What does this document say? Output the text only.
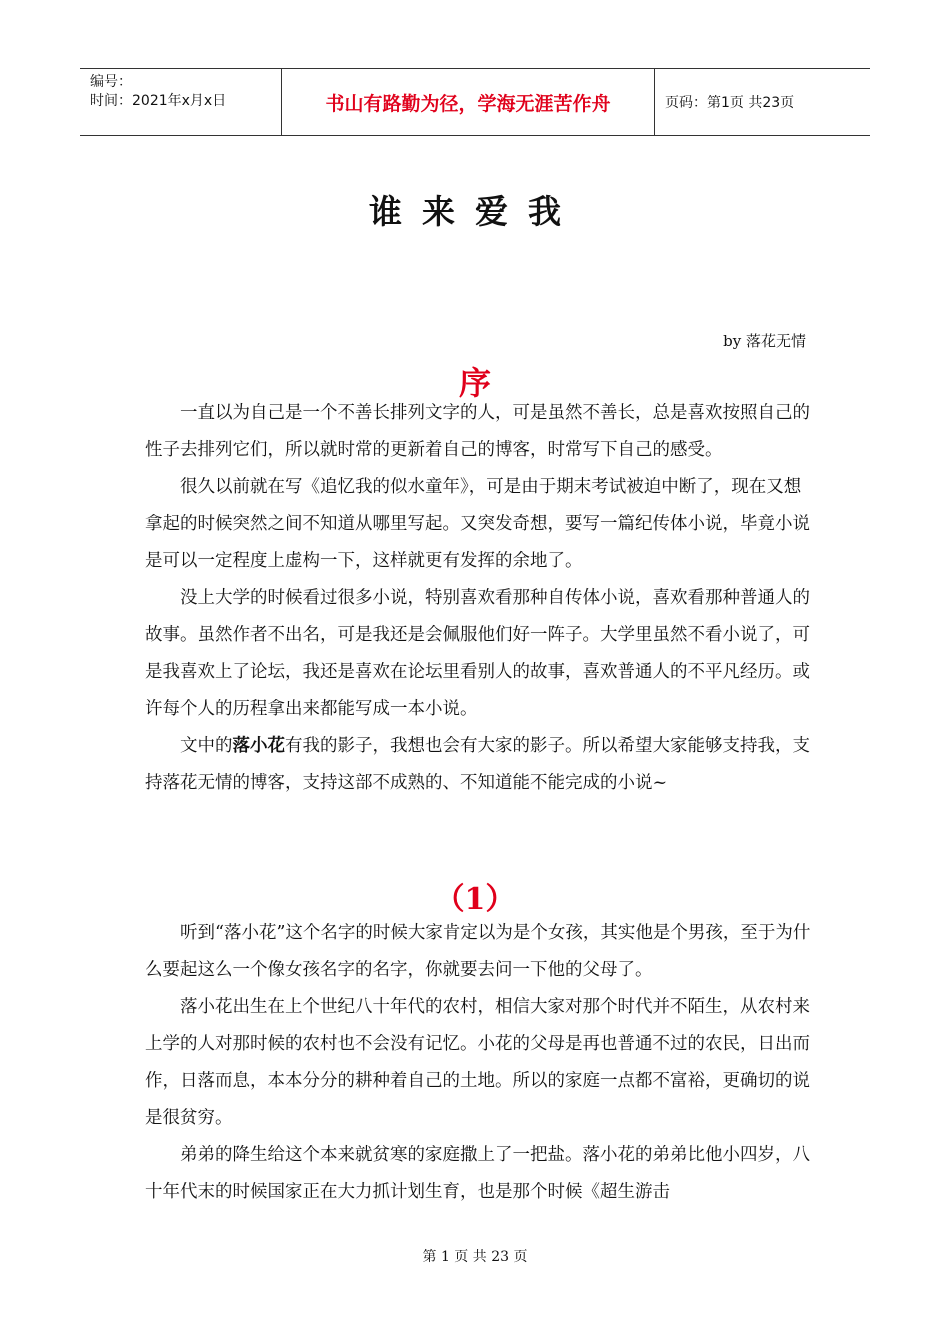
编号：
时间：2021年x月x日	书山有路勤为径，学海无涯苦作舟	页码：第1页 共23页
谁来爱我
by 落花无情
序

一直以为自己是一个不善长排列文字的人，可是虽然不善长，总是喜欢按照自己的性子去排列它们，所以就时常的更新着自己的博客，时常写下自己的感受。

很久以前就在写《追忆我的似水童年》，可是由于期末考试被迫中断了，现在又想拿起的时候突然之间不知道从哪里写起。又突发奇想，要写一篇纪传体小说，毕竟小说是可以一定程度上虚构一下，这样就更有发挥的余地了。

没上大学的时候看过很多小说，特别喜欢看那种自传体小说，喜欢看那种普通人的故事。虽然作者不出名，可是我还是会佩服他们好一阵子。大学里虽然不看小说了，可是我喜欢上了论坛，我还是喜欢在论坛里看别人的故事，喜欢普通人的不平凡经历。或许每个人的历程拿出来都能写成一本小说。

文中的落小花有我的影子，我想也会有大家的影子。所以希望大家能够支持我，支持落花无情的博客，支持这部不成熟的、不知道能不能完成的小说~

（1）

听到“落小花”这个名字的时候大家肯定以为是个女孩，其实他是个男孩，至于为什么要起这么一个像女孩名字的名字，你就要去问一下他的父母了。

落小花出生在上个世纪八十年代的农村，相信大家对那个时代并不陌生，从农村来上学的人对那时候的农村也不会没有记忆。小花的父母是再也普通不过的农民，日出而作，日落而息，本本分分的耕种着自己的土地。所以的家庭一点都不富裕，更确切的说是很贫穷。

弟弟的降生给这个本来就贫寒的家庭撒上了一把盐。落小花的弟弟比他小四岁，八十年代末的时候国家正在大力抓计划生育，也是那个时候《超生游击

第 1 页 共 23 页
